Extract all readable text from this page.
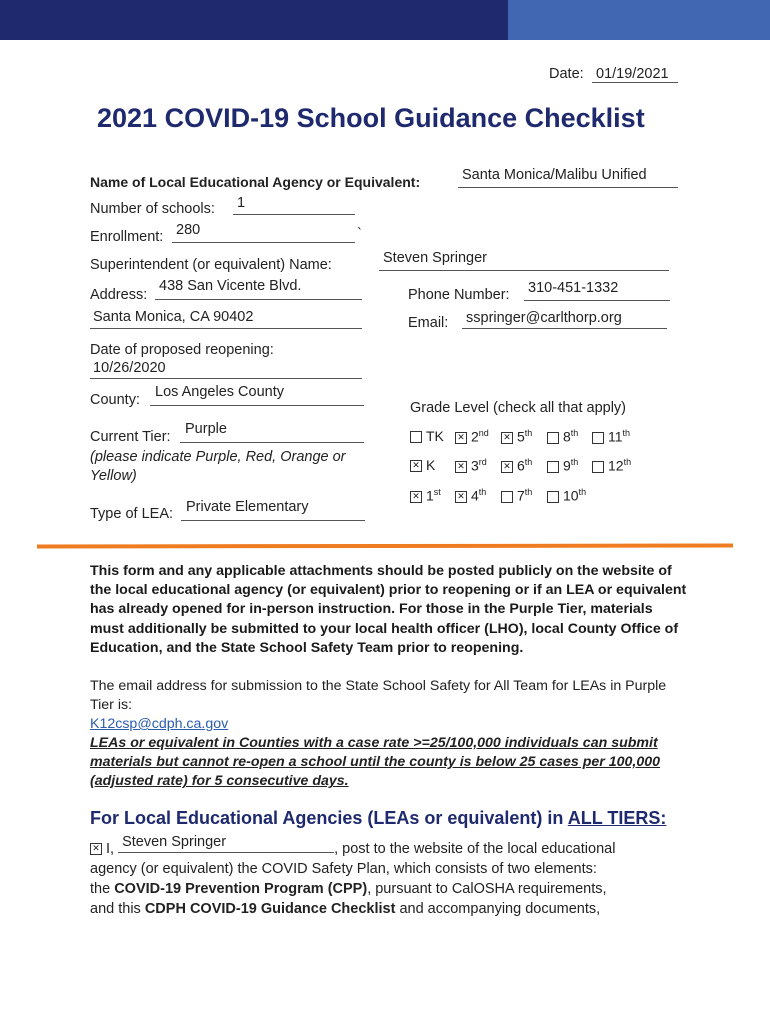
Date: 01/19/2021
2021 COVID-19 School Guidance Checklist
Name of Local Educational Agency or Equivalent:	Santa Monica/Malibu Unified
Number of schools: 1
Enrollment: 280	`
Superintendent (or equivalent) Name:	Steven Springer
Address:
438 San Vicente Blvd.
Santa Monica, CA 90402
Phone Number: 310-451-1332
Email: sspringer@carlthorp.org
Date of proposed reopening:
10/26/2020
County: Los Angeles County
Current Tier: Purple
(please indicate Purple, Red, Orange or Yellow)
Type of LEA: Private Elementary
Grade Level (check all that apply)
TK ✕ 2nd ✕ 5th	8th	11th
✕ K ✕ 3rd ✕ 6th	9th	12th
✕ 1st ✕ 4th	7th	10th
This form and any applicable attachments should be posted publicly on the website of the local educational agency (or equivalent) prior to reopening or if an LEA or equivalent has already opened for in-person instruction. For those in the Purple Tier, materials must additionally be submitted to your local health officer (LHO), local County Office of Education, and the State School Safety Team prior to reopening.
The email address for submission to the State School Safety for All Team for LEAs in Purple Tier is:
K12csp@cdph.ca.gov
LEAs or equivalent in Counties with a case rate >=25/100,000 individuals can submit materials but cannot re-open a school until the county is below 25 cases per 100,000 (adjusted rate) for 5 consecutive days.
For Local Educational Agencies (LEAs or equivalent) in ALL TIERS:
✕ I, Steven Springer	, post to the website of the local educational
agency (or equivalent) the COVID Safety Plan, which consists of two elements:
the COVID-19 Prevention Program (CPP), pursuant to CalOSHA requirements,
and this CDPH COVID-19 Guidance Checklist and accompanying documents,
